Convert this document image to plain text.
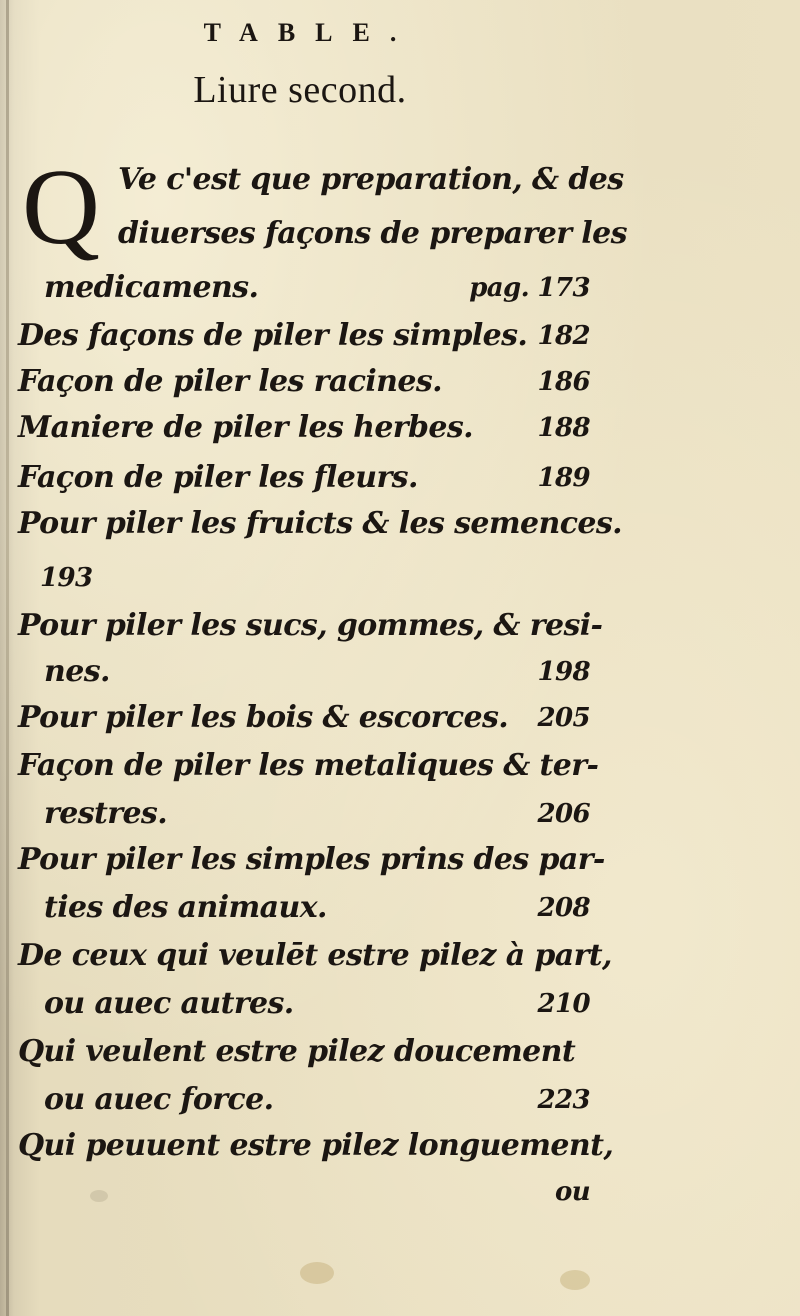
TABLE.
Liure second.
Q Ve c'est que preparation, & des
diuerses façons de preparer les
medicamens.	pag. 173
Des façons de piler les simples. 182
Façon de piler les racines.	186
Maniere de piler les herbes.	188
Façon de piler les fleurs.	189
Pour piler les fruicts & les semences.
193
Pour piler les sucs, gommes, & resi-
nes.	198
Pour piler les bois & escorces.	205
Façon de piler les metaliques & ter-
restres.	206
Pour piler les simples prins des par-
ties des animaux.	208
De ceux qui veulēt estre pilez à part,
ou auec autres.	210
Qui veulent estre pilez doucement
ou auec force.	223
Qui peuuent estre pilez longuement,
ou
